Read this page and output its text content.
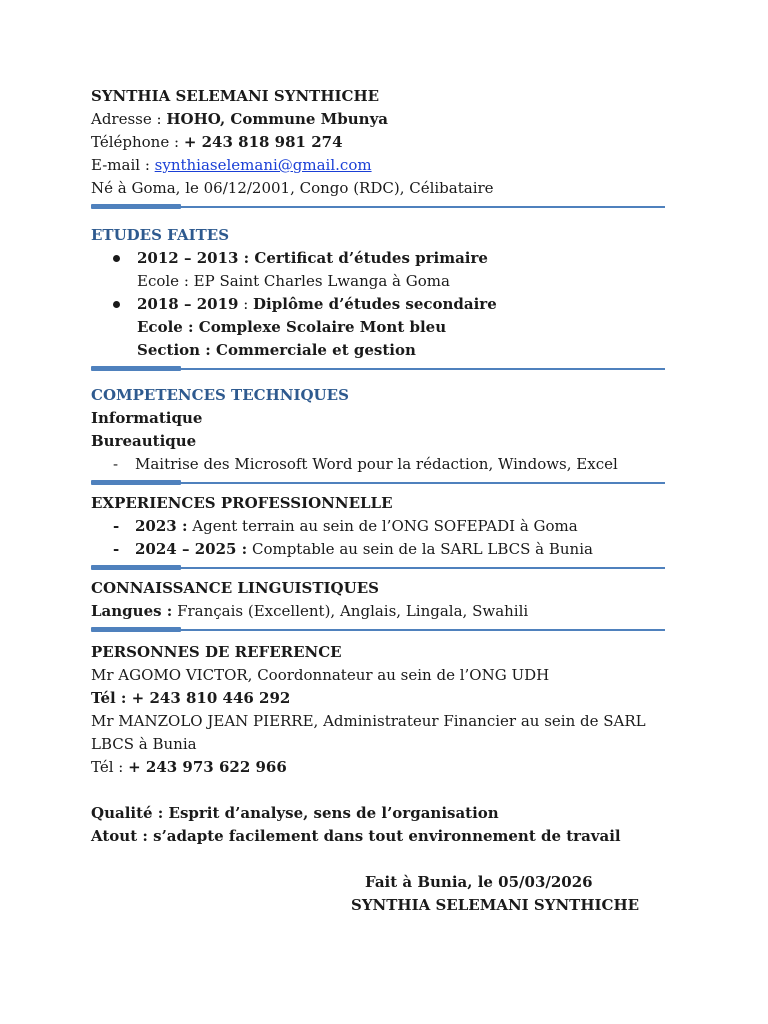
SYNTHIA SELEMANI SYNTHICHE
Adresse : HOHO, Commune Mbunya
Téléphone : + 243 818 981 274
E-mail : synthiaselemani@gmail.com
Né à Goma, le 06/12/2001, Congo (RDC), Célibataire
ETUDES FAITES
2012 – 2013 : Certificat d’études primaire
Ecole : EP Saint Charles Lwanga à Goma
2018 – 2019 : Diplôme d’études secondaire
Ecole : Complexe Scolaire Mont bleu
Section : Commerciale et gestion
COMPETENCES TECHNIQUES
Informatique
Bureautique
- Maitrise des Microsoft Word pour la rédaction, Windows, Excel
EXPERIENCES PROFESSIONNELLE
- 2023 : Agent terrain au sein de l’ONG SOFEPADI à Goma
- 2024 – 2025 : Comptable au sein de la SARL LBCS à Bunia
CONNAISSANCE LINGUISTIQUES
Langues : Français (Excellent), Anglais, Lingala, Swahili
PERSONNES DE REFERENCE
Mr AGOMO VICTOR, Coordonnateur au sein de l’ONG UDH
Tél : + 243 810 446 292
Mr MANZOLO JEAN PIERRE, Administrateur Financier au sein de SARL
LBCS à Bunia
Tél : + 243 973 622 966
Qualité : Esprit d’analyse, sens de l’organisation
Atout : s’adapte facilement dans tout environnement de travail
Fait à Bunia, le 05/03/2026
SYNTHIA SELEMANI SYNTHICHE
